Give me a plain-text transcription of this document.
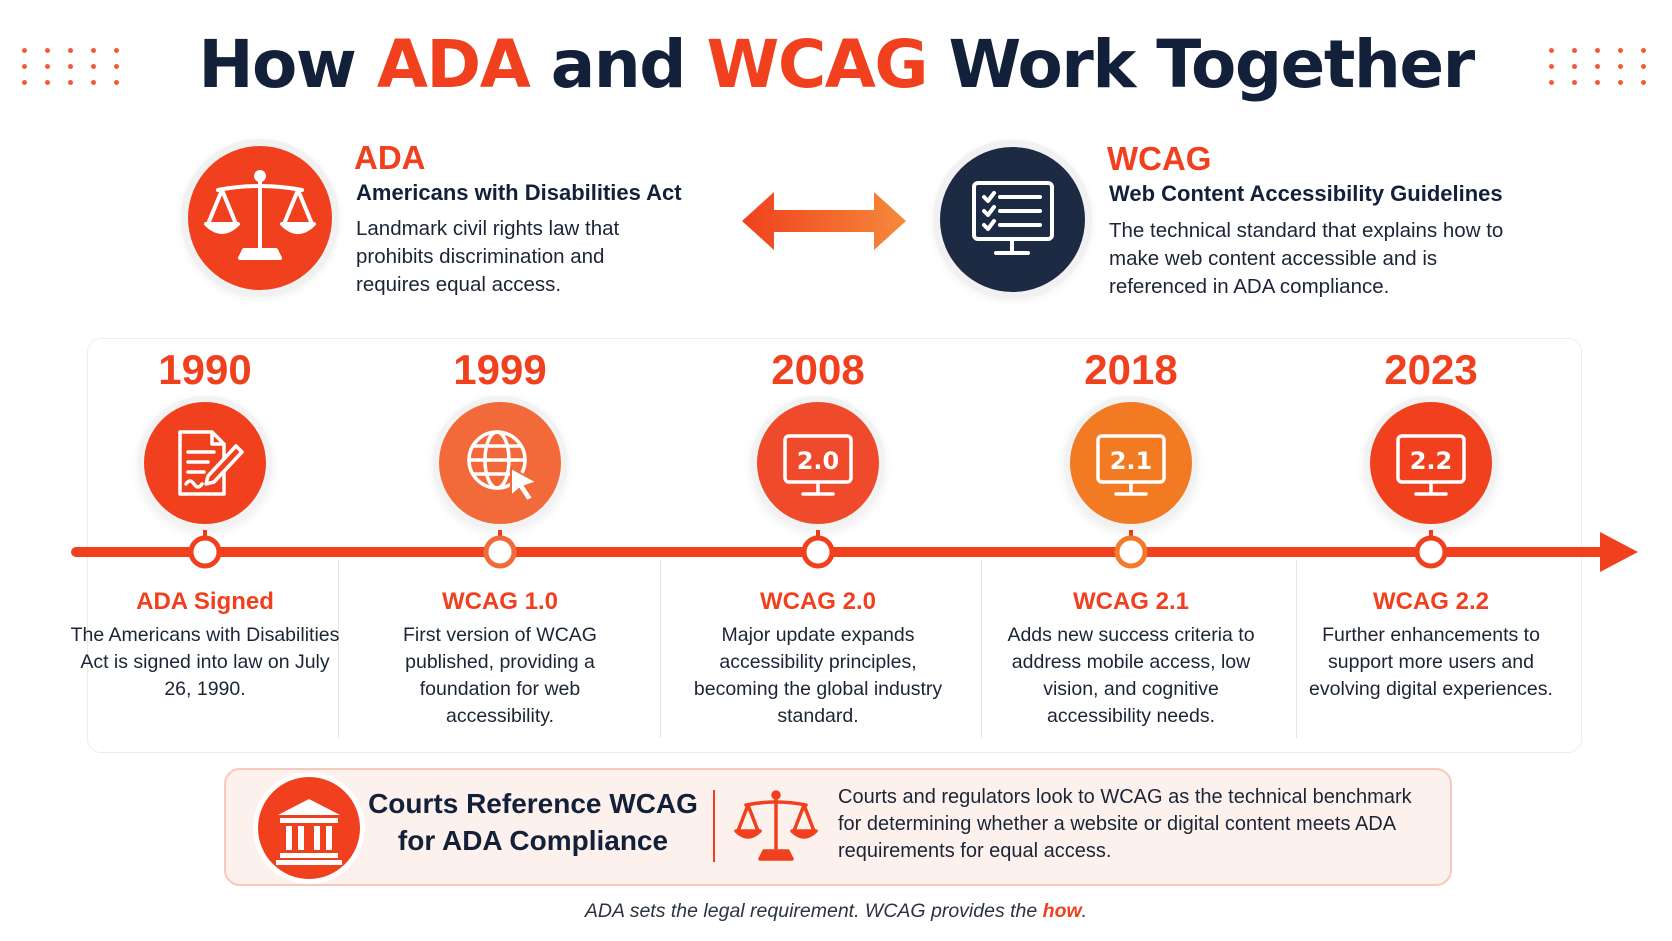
How ADA and WCAG Work Together
ADA
Americans with Disabilities Act
Landmark civil rights law that prohibits discrimination and requires equal access.
WCAG
Web Content Accessibility Guidelines
The technical standard that explains how to make web content accessible and is referenced in ADA compliance.
1990
ADA Signed
The Americans with Disabilities Act is signed into law on July 26, 1990.
1999
WCAG 1.0
First version of WCAG published, providing a foundation for web accessibility.
2008
2.0
WCAG 2.0
Major update expands accessibility principles, becoming the global industry standard.
2018
2.1
WCAG 2.1
Adds new success criteria to address mobile access, low vision, and cognitive accessibility needs.
2023
2.2
WCAG 2.2
Further enhancements to support more users and evolving digital experiences.
Courts Reference WCAG for ADA Compliance
Courts and regulators look to WCAG as the technical benchmark for determining whether a website or digital content meets ADA requirements for equal access.
ADA sets the legal requirement. WCAG provides the how.
